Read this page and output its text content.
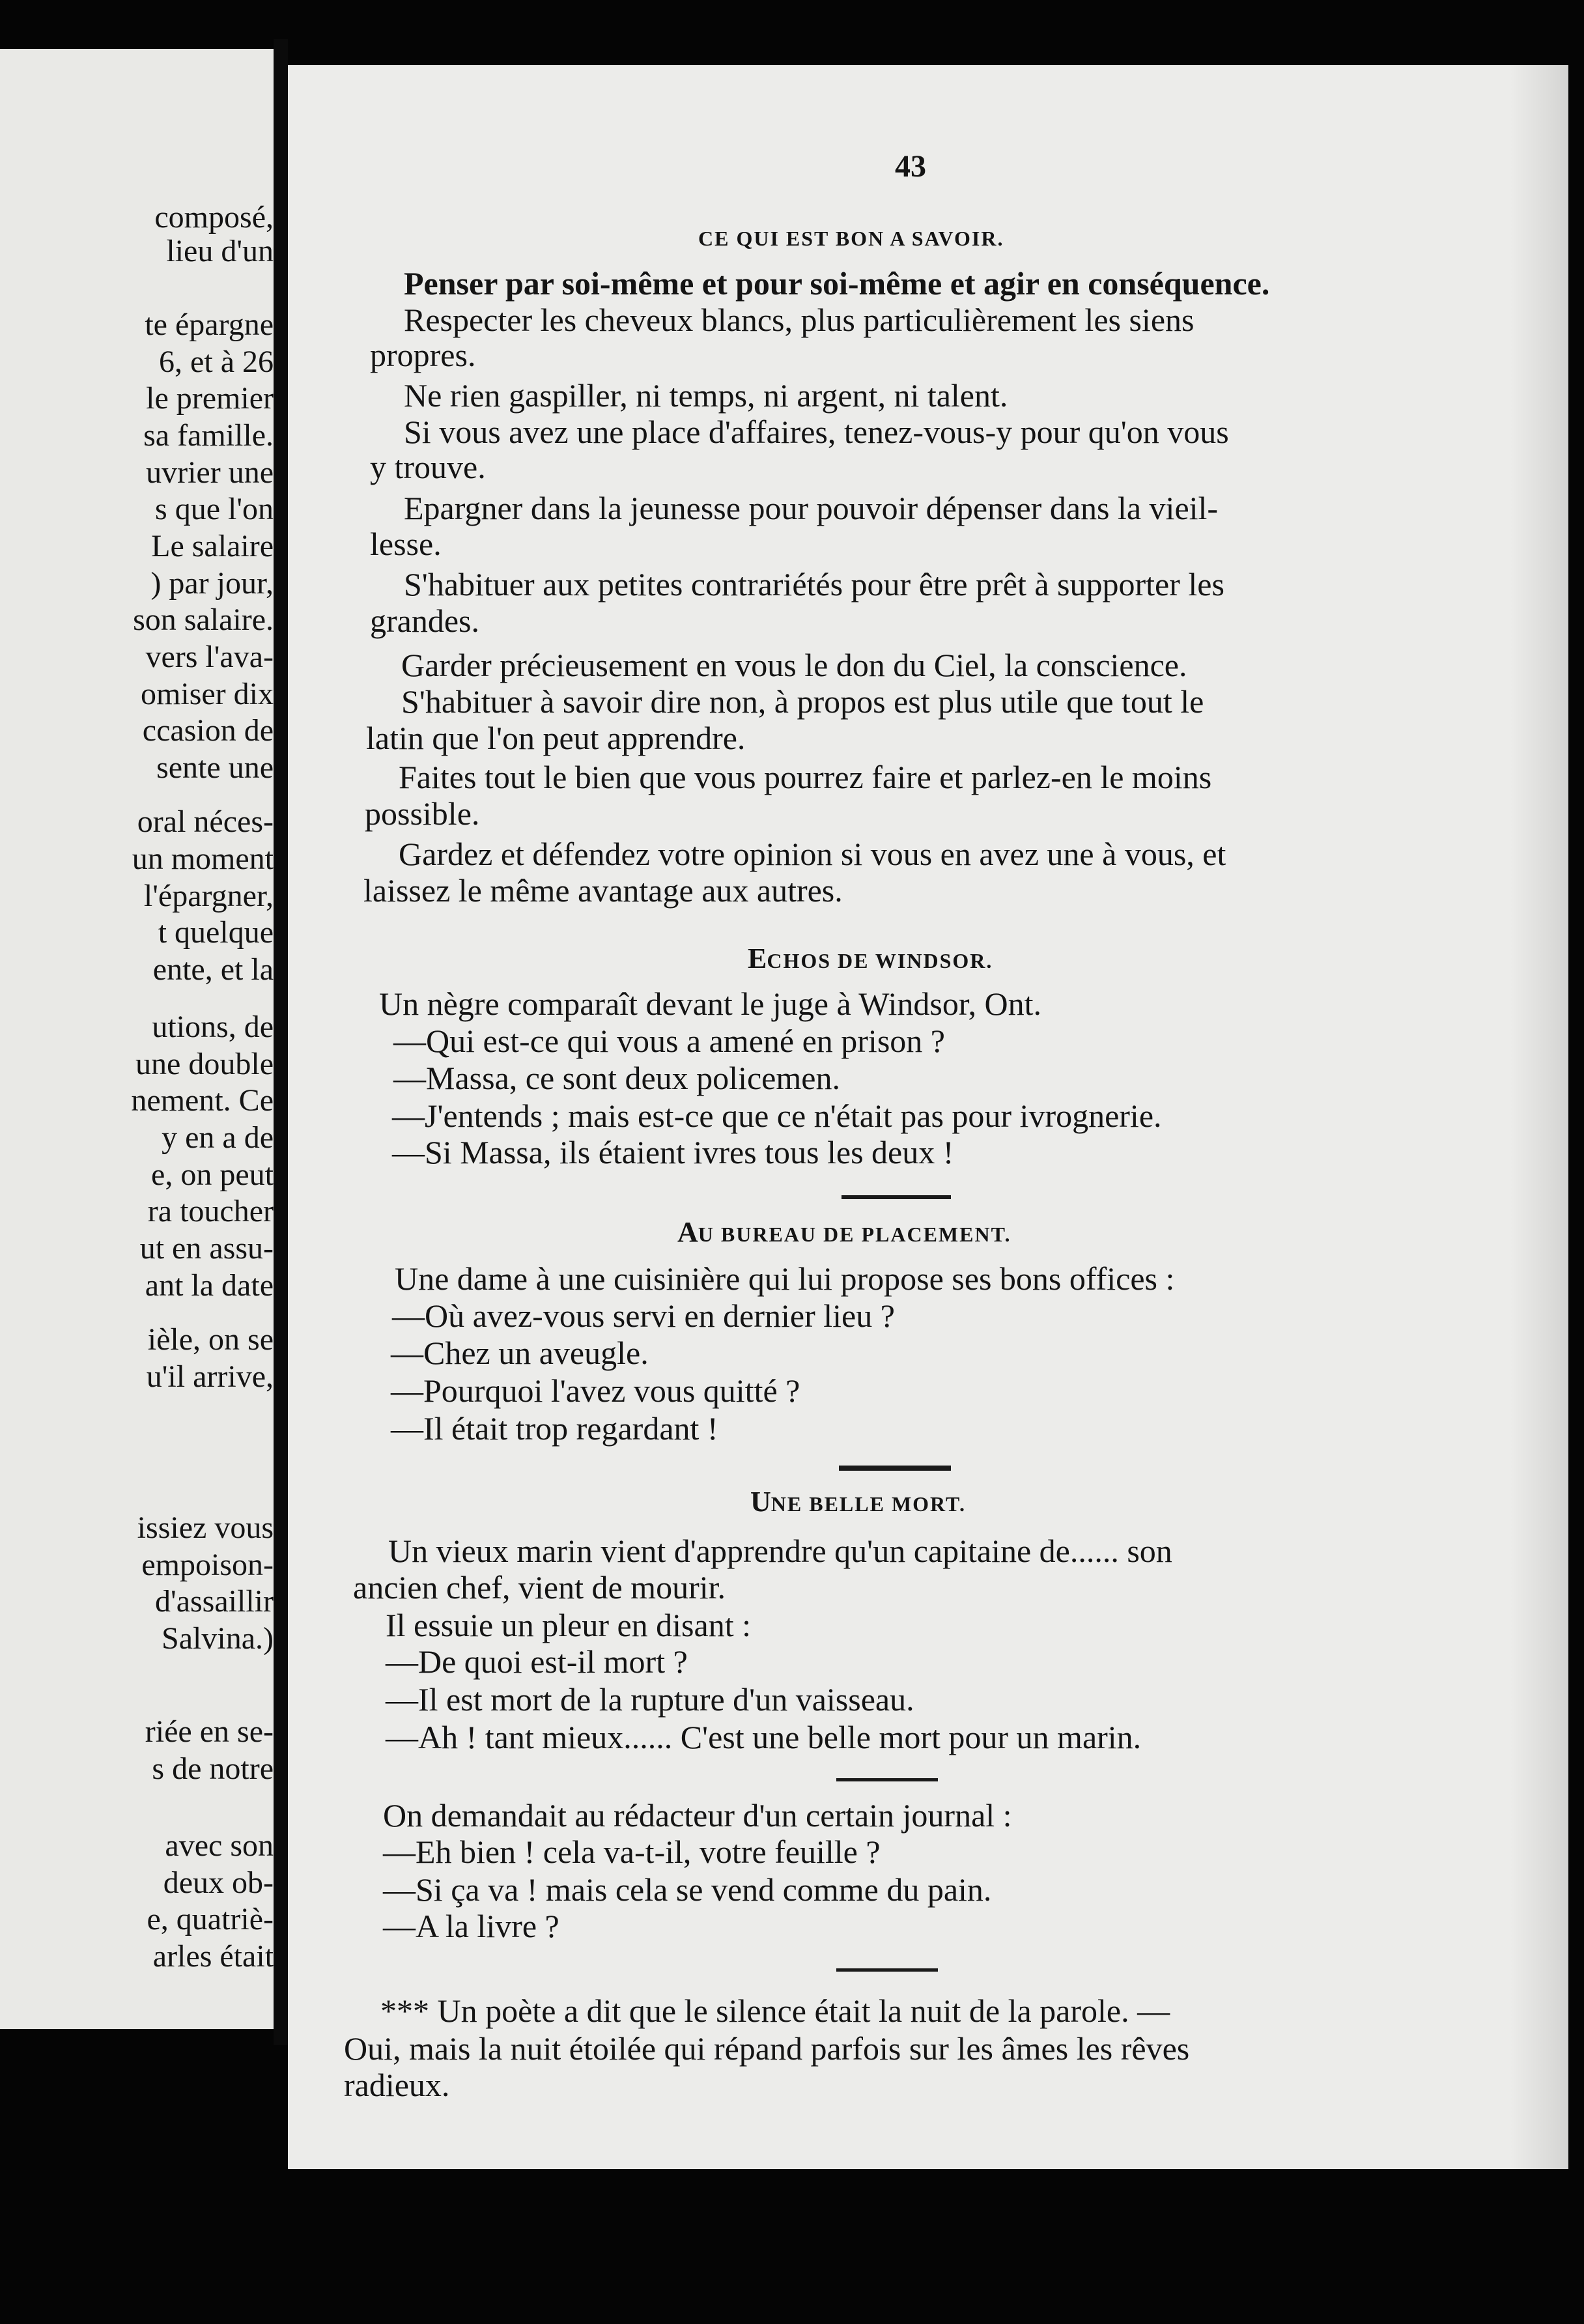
composé,
lieu d'un
te épargne
6, et à 26
le premier
sa famille.
uvrier une
s que l'on
Le salaire
) par jour,
son salaire.
vers l'ava-
omiser dix
ccasion de
sente une
oral néces-
un moment
l'épargner,
t quelque
ente, et la
utions, de
une double
nement. Ce
y en a de
e, on peut
ra toucher
ut en assu-
ant la date
ièle, on se
u'il arrive,
issiez vous
empoison-
d'assaillir
Salvina.)
riée en se-
s de notre
avec son
deux ob-
e, quatriè-
arles était
43
CE QUI EST BON A SAVOIR.
Penser par soi-même et pour soi-même et agir en conséquence.
Respecter les cheveux blancs, plus particulièrement les siens
propres.
Ne rien gaspiller, ni temps, ni argent, ni talent.
Si vous avez une place d'affaires, tenez-vous-y pour qu'on vous
y trouve.
Epargner dans la jeunesse pour pouvoir dépenser dans la vieil-
lesse.
S'habituer aux petites contrariétés pour être prêt à supporter les
grandes.
Garder précieusement en vous le don du Ciel, la conscience.
S'habituer à savoir dire non, à propos est plus utile que tout le
latin que l'on peut apprendre.
Faites tout le bien que vous pourrez faire et parlez-en le moins
possible.
Gardez et défendez votre opinion si vous en avez une à vous, et
laissez le même avantage aux autres.
ECHOS DE WINDSOR.
Un nègre comparaît devant le juge à Windsor, Ont.
—Qui est-ce qui vous a amené en prison ?
—Massa, ce sont deux policemen.
—J'entends ; mais est-ce que ce n'était pas pour ivrognerie.
—Si Massa, ils étaient ivres tous les deux !
AU BUREAU DE PLACEMENT.
Une dame à une cuisinière qui lui propose ses bons offices :
—Où avez-vous servi en dernier lieu ?
—Chez un aveugle.
—Pourquoi l'avez vous quitté ?
—Il était trop regardant !
UNE BELLE MORT.
Un vieux marin vient d'apprendre qu'un capitaine de...... son
ancien chef, vient de mourir.
Il essuie un pleur en disant :
—De quoi est-il mort ?
—Il est mort de la rupture d'un vaisseau.
—Ah ! tant mieux...... C'est une belle mort pour un marin.
On demandait au rédacteur d'un certain journal :
—Eh bien ! cela va-t-il, votre feuille ?
—Si ça va ! mais cela se vend comme du pain.
—A la livre ?
*** Un poète a dit que le silence était la nuit de la parole. —
Oui, mais la nuit étoilée qui répand parfois sur les âmes les rêves
radieux.
